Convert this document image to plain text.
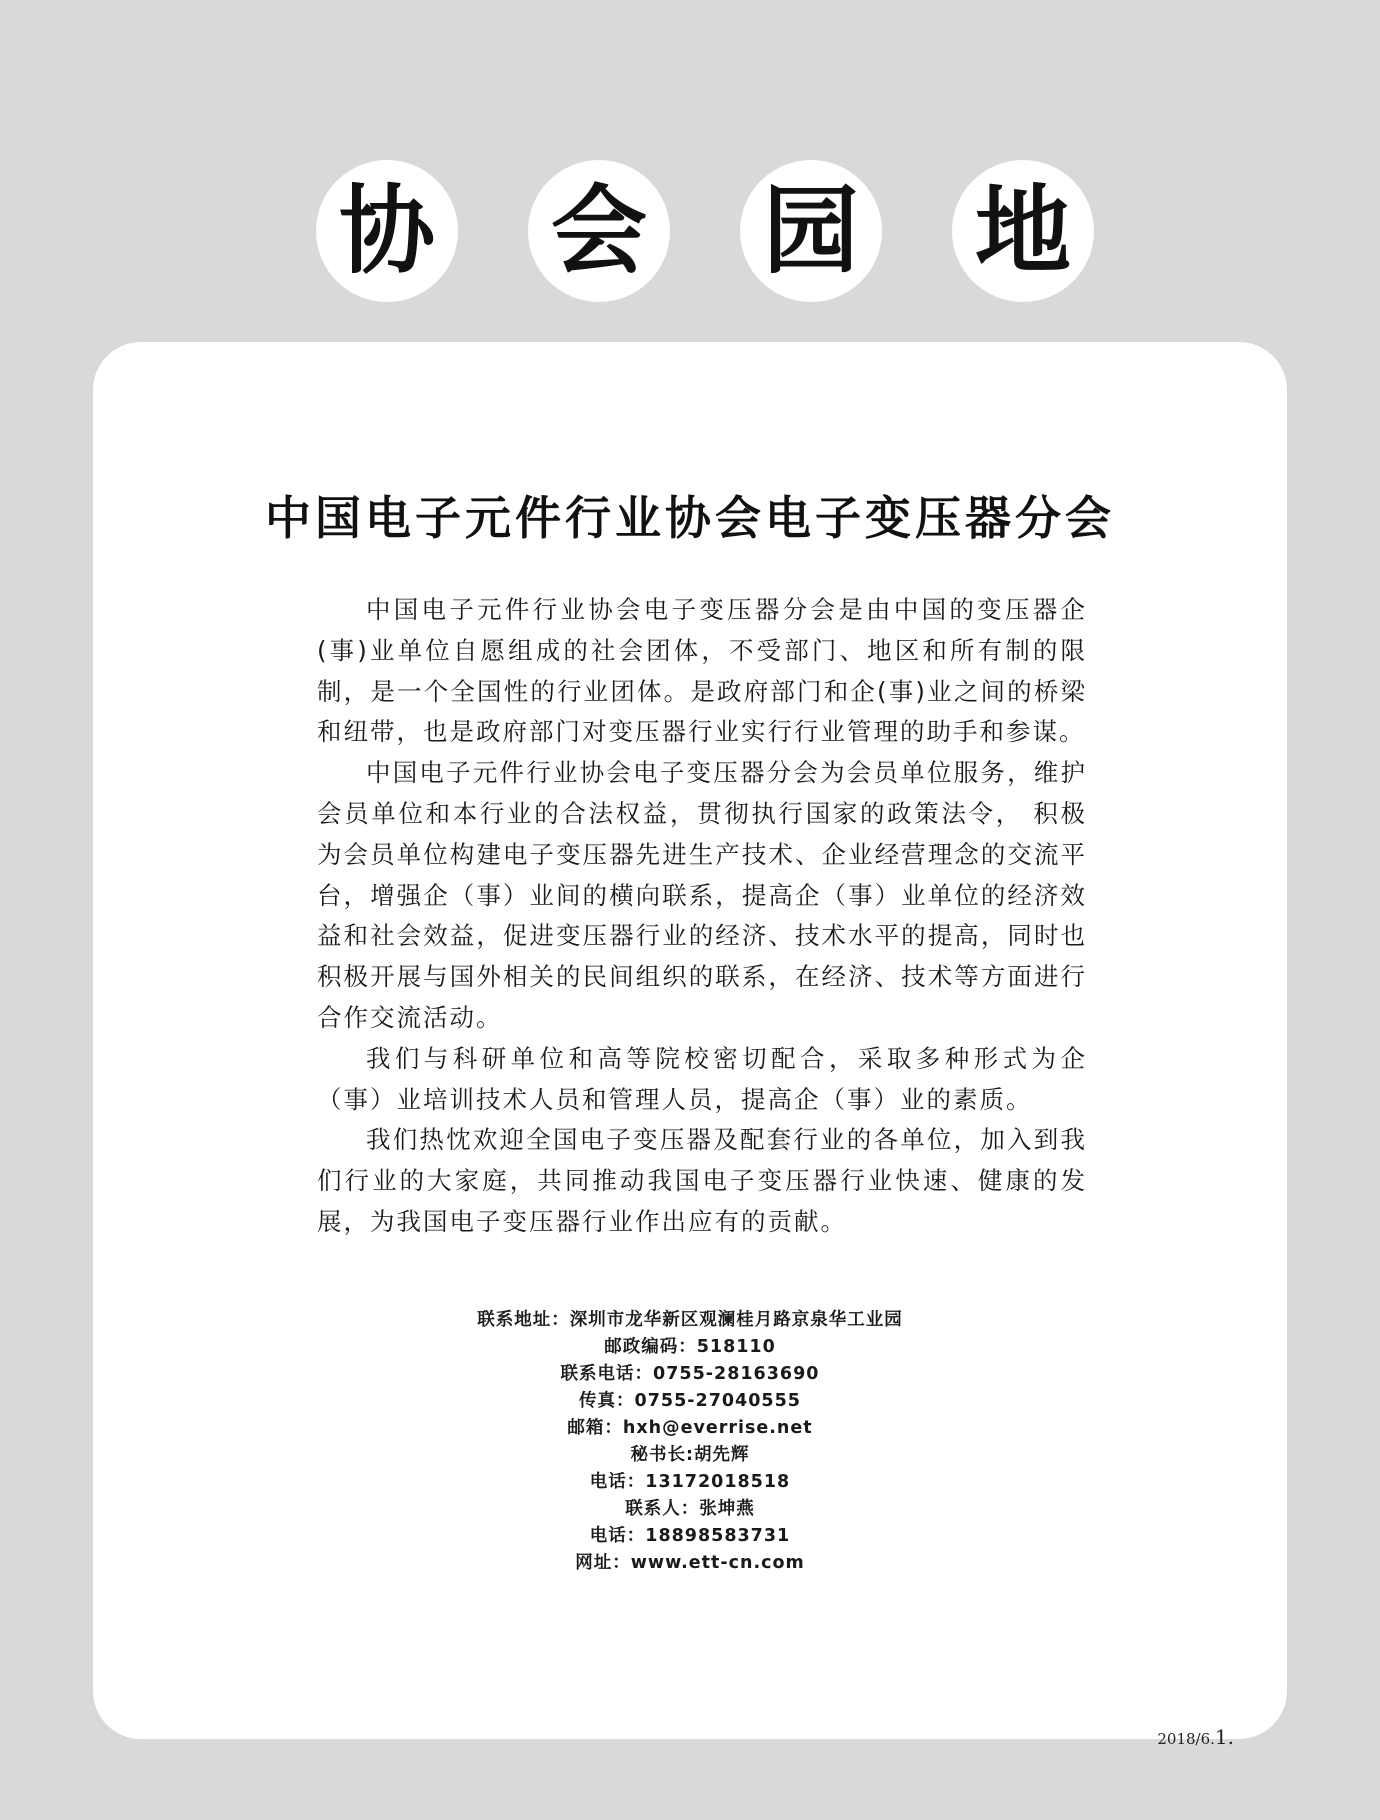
协 会 园 地
中国电子元件行业协会电子变压器分会

中国电子元件行业协会电子变压器分会是由中国的变压器企(事)业单位自愿组成的社会团体，不受部门、地区和所有制的限制，是一个全国性的行业团体。是政府部门和企(事)业之间的桥梁和纽带，也是政府部门对变压器行业实行行业管理的助手和参谋。

中国电子元件行业协会电子变压器分会为会员单位服务，维护会员单位和本行业的合法权益，贯彻执行国家的政策法令， 积极为会员单位构建电子变压器先进生产技术、企业经营理念的交流平台，增强企（事）业间的横向联系，提高企（事）业单位的经济效益和社会效益，促进变压器行业的经济、技术水平的提高，同时也积极开展与国外相关的民间组织的联系，在经济、技术等方面进行合作交流活动。

我们与科研单位和高等院校密切配合，采取多种形式为企（事）业培训技术人员和管理人员，提高企（事）业的素质。

我们热忱欢迎全国电子变压器及配套行业的各单位，加入到我们行业的大家庭，共同推动我国电子变压器行业快速、健康的发展，为我国电子变压器行业作出应有的贡献。

联系地址：深圳市龙华新区观澜桂月路京泉华工业园
邮政编码：518110
联系电话：0755-28163690
传真：0755-27040555
邮箱：hxh@everrise.net
秘书长:胡先辉
电话：13172018518
联系人：张坤燕
电话：18898583731
网址：www.ett-cn.com
2018/6.1.
